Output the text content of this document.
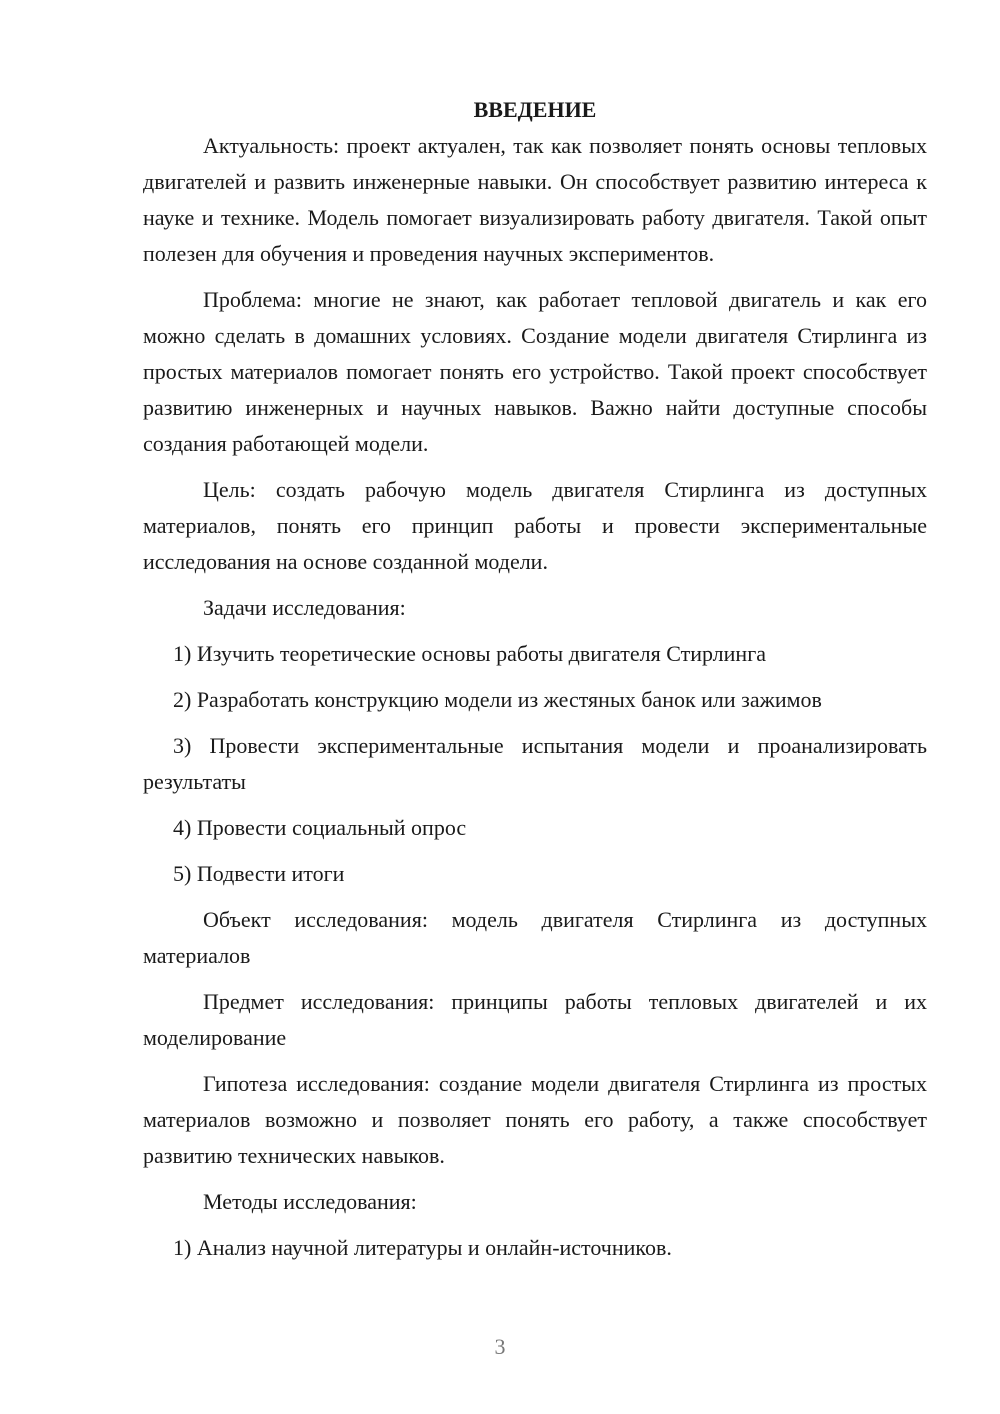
ВВЕДЕНИЕ

Актуальность: проект актуален, так как позволяет понять основы тепловых двигателей и развить инженерные навыки. Он способствует развитию интереса к науке и технике. Модель помогает визуализировать работу двигателя. Такой опыт полезен для обучения и проведения научных экспериментов.

Проблема: многие не знают, как работает тепловой двигатель и как его можно сделать в домашних условиях. Создание модели двигателя Стирлинга из простых материалов помогает понять его устройство. Такой проект способствует развитию инженерных и научных навыков. Важно найти доступные способы создания работающей модели.

Цель: создать рабочую модель двигателя Стирлинга из доступных материалов, понять его принцип работы и провести экспериментальные исследования на основе созданной модели.

Задачи исследования:

1) Изучить теоретические основы работы двигателя Стирлинга

2) Разработать конструкцию модели из жестяных банок или зажимов

3) Провести экспериментальные испытания модели и проанализировать результаты

4) Провести социальный опрос

5) Подвести итоги

Объект исследования: модель двигателя Стирлинга из доступных материалов

Предмет исследования: принципы работы тепловых двигателей и их моделирование

Гипотеза исследования: создание модели двигателя Стирлинга из простых материалов возможно и позволяет понять его работу, а также способствует развитию технических навыков.

Методы исследования:

1) Анализ научной литературы и онлайн-источников.

3
